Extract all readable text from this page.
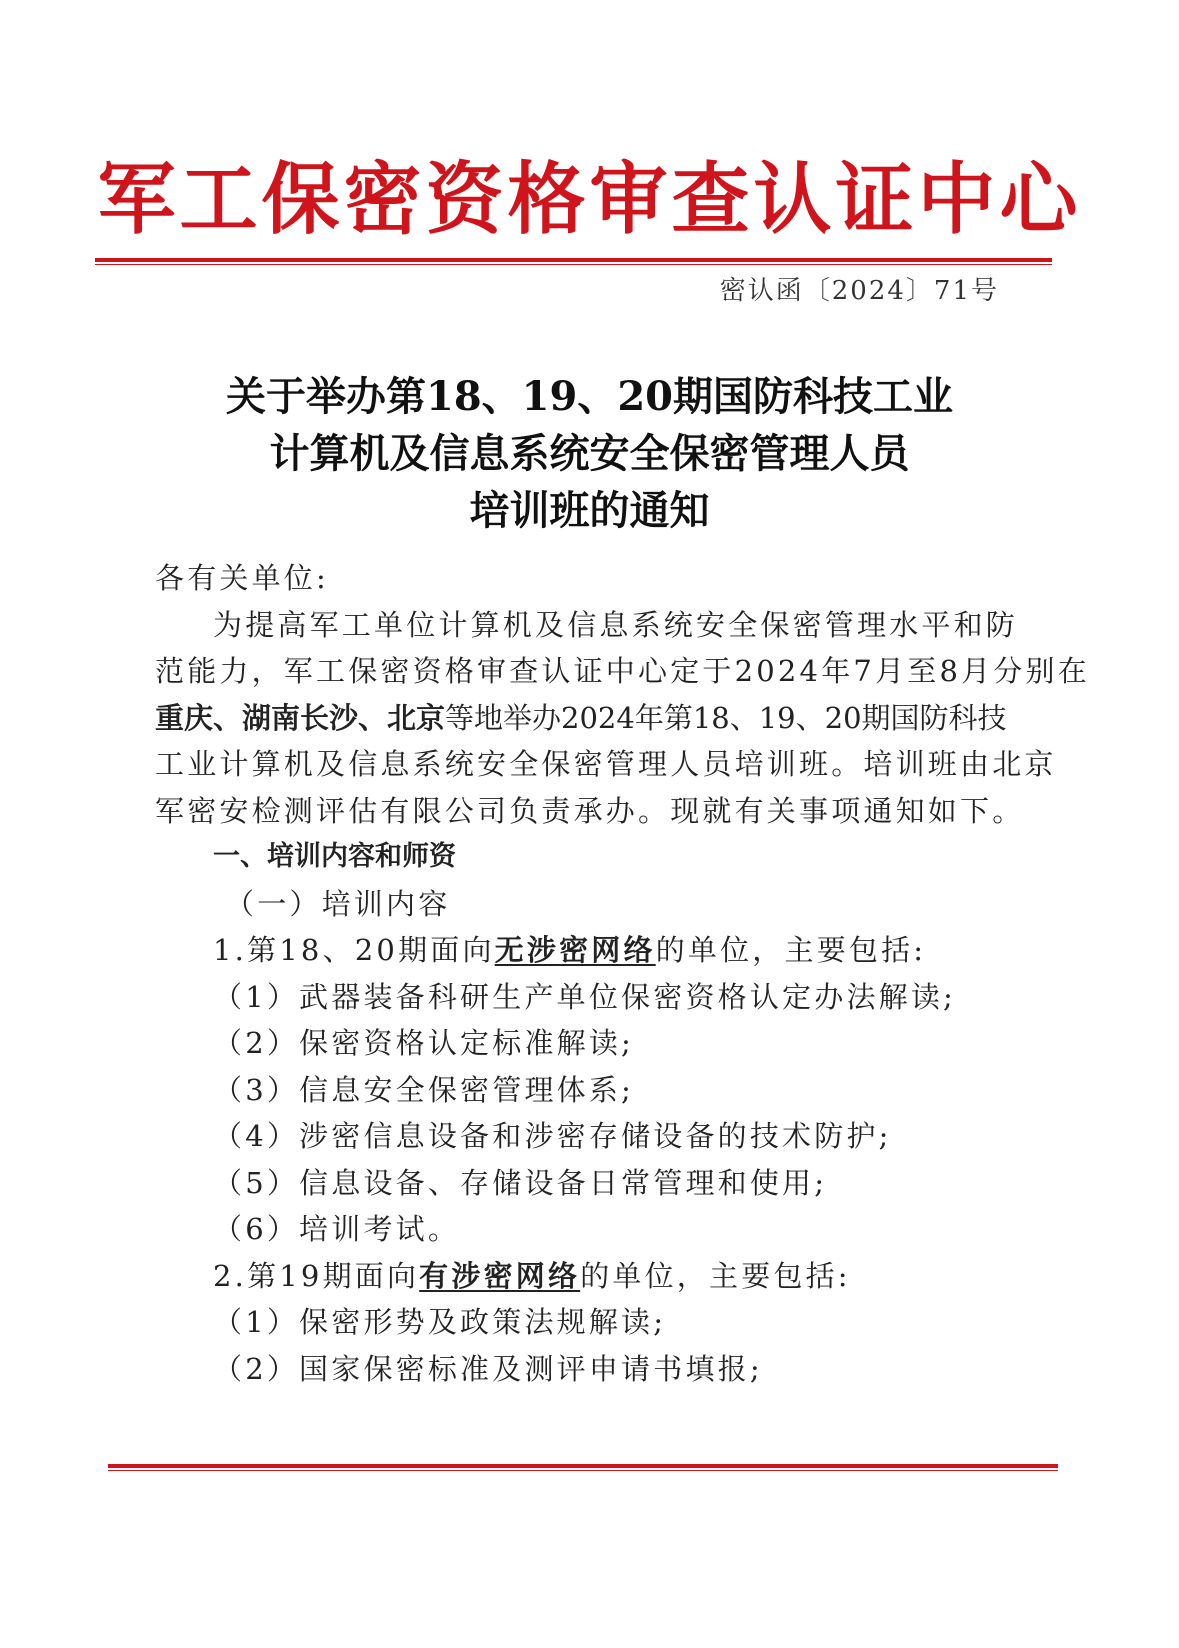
军工保密资格审查认证中心
密认函〔2024〕71号
关于举办第18、19、20期国防科技工业
计算机及信息系统安全保密管理人员
培训班的通知
各有关单位:
为提高军工单位计算机及信息系统安全保密管理水平和防
范能力，军工保密资格审查认证中心定于2024年7月至8月分别在
重庆、湖南长沙、北京等地举办2024年第18、19、20期国防科技
工业计算机及信息系统安全保密管理人员培训班。培训班由北京
军密安检测评估有限公司负责承办。现就有关事项通知如下。
一、培训内容和师资
（一）培训内容
1.第18、20期面向无涉密网络的单位，主要包括:
（1）武器装备科研生产单位保密资格认定办法解读;
（2）保密资格认定标准解读;
（3）信息安全保密管理体系;
（4）涉密信息设备和涉密存储设备的技术防护;
（5）信息设备、存储设备日常管理和使用;
（6）培训考试。
2.第19期面向有涉密网络的单位，主要包括:
（1）保密形势及政策法规解读;
（2）国家保密标准及测评申请书填报;
